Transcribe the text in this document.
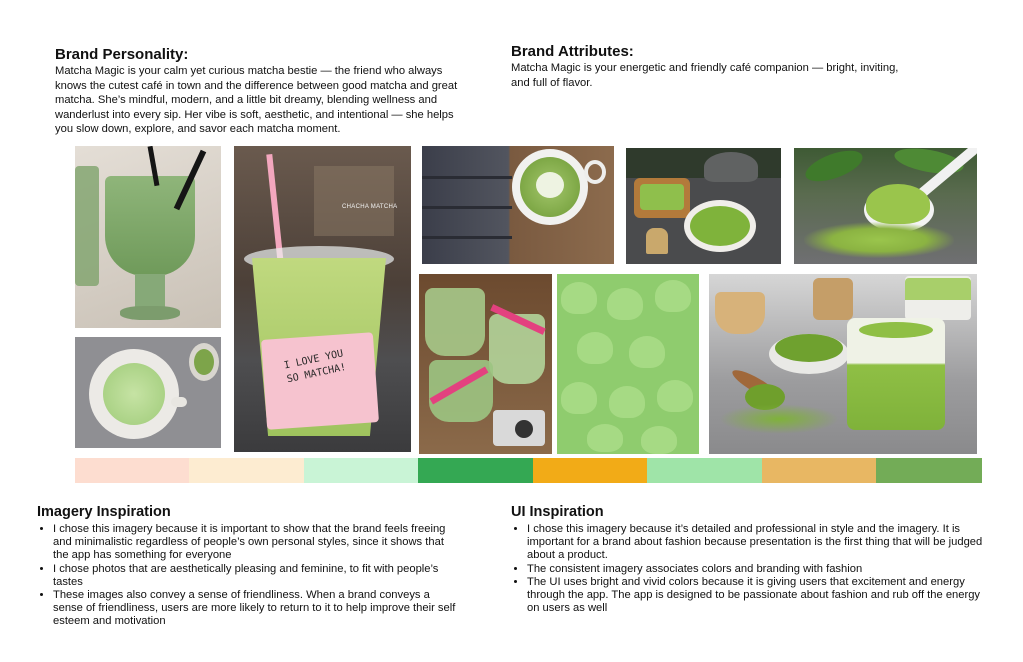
Brand Personality:

Matcha Magic is your calm yet curious matcha bestie — the friend who always knows the cutest café in town and the difference between good matcha and great matcha. She’s mindful, modern, and a little bit dreamy, blending wellness and wanderlust into every sip. Her vibe is soft, aesthetic, and intentional — she helps you slow down, explore, and savor each matcha moment.

Brand Attributes:

Matcha Magic is your energetic and friendly café companion — bright, inviting, and full of flavor.

CHACHA MATCHA
I LOVE YOU SO MATCHA!

Imagery Inspiration

• I chose this imagery because it is important to show that the brand feels freeing and minimalistic regardless of people’s own personal styles, since it shows that the app has something for everyone
• I chose photos that are aesthetically pleasing and feminine, to fit with people’s tastes
• These images also convey a sense of friendliness. When a brand conveys a sense of friendliness, users are more likely to return to it to help improve their self esteem and motivation

UI Inspiration

• I chose this imagery because it’s detailed and professional in style and the imagery. It is important for a brand about fashion because presentation is the first thing that will be judged about a product.
• The consistent imagery associates colors and branding with fashion
• The UI uses bright and vivid colors because it is giving users that excitement and energy through the app. The app is designed to be passionate about fashion and rub off the energy on users as well
